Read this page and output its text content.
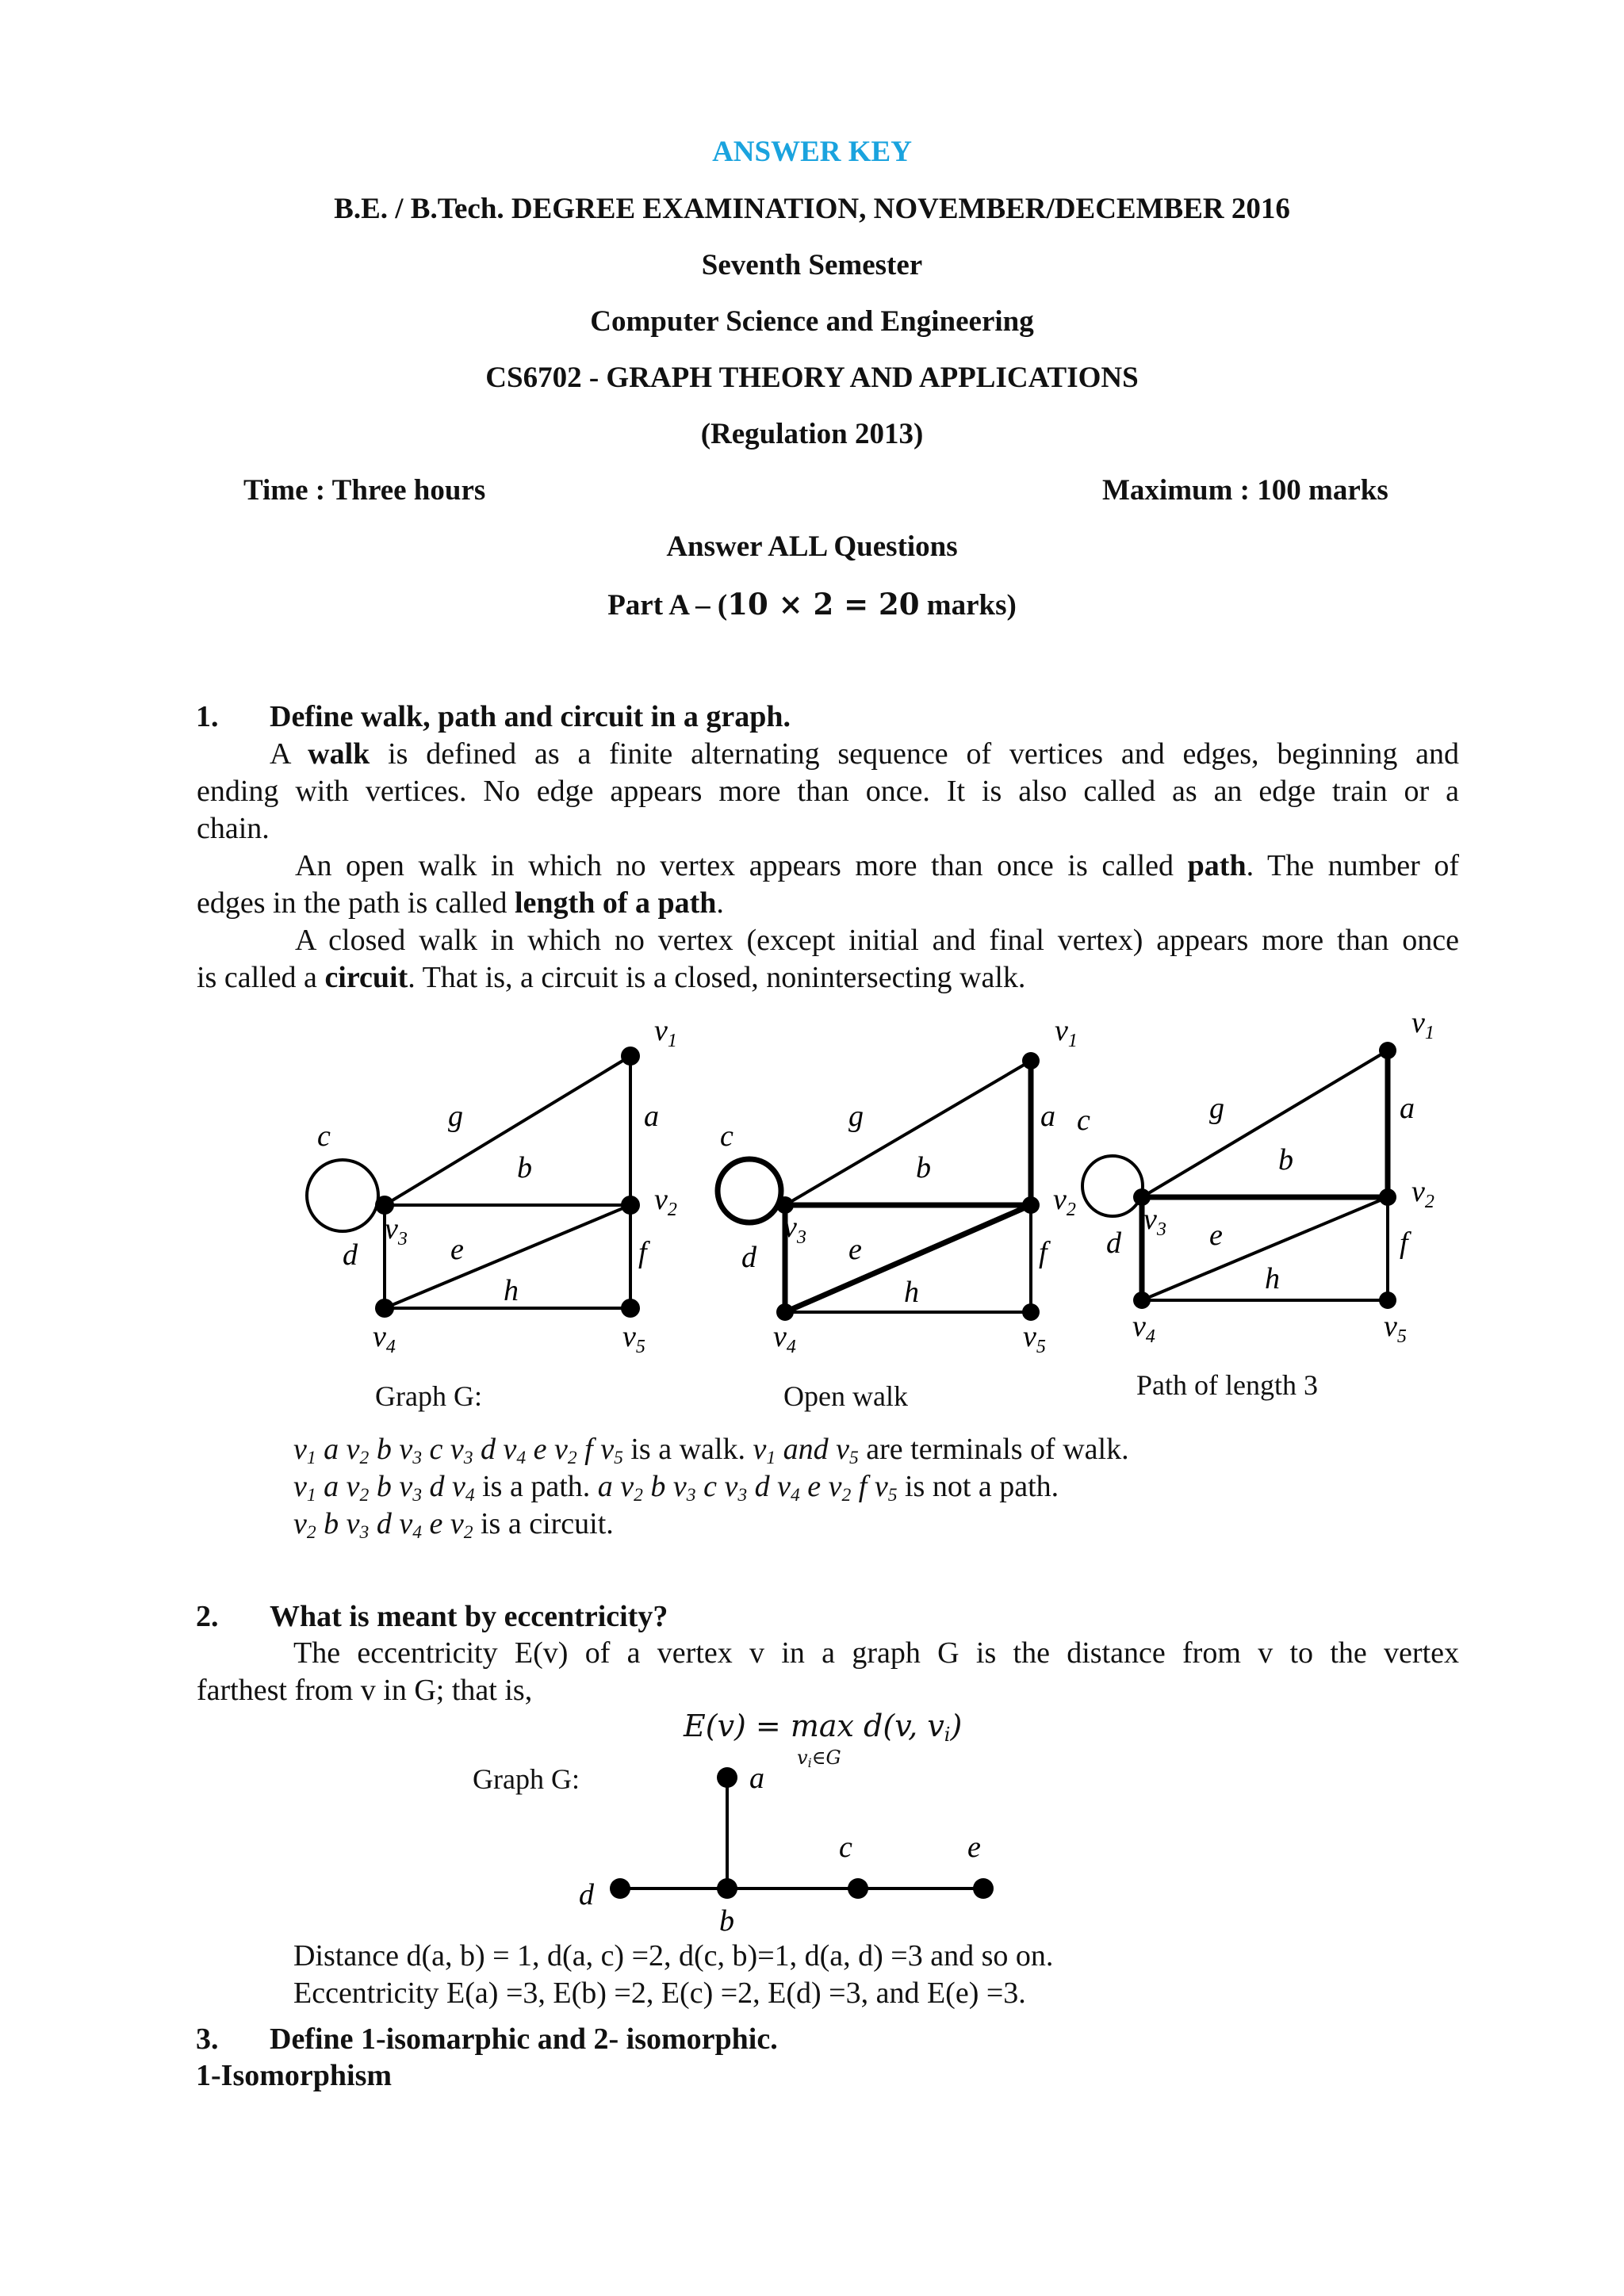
ANSWER KEY
B.E. / B.Tech. DEGREE EXAMINATION, NOVEMBER/DECEMBER 2016
Seventh Semester
Computer Science and Engineering
CS6702 - GRAPH THEORY AND APPLICATIONS
(Regulation 2013)
Time : Three hours	Maximum : 100 marks
Answer ALL Questions
Part A – (10 × 2 = 20 marks)
1. Define walk, path and circuit in a graph.
A walk is defined as a finite alternating sequence of vertices and edges, beginning and
ending with vertices. No edge appears more than once. It is also called as an edge train or a
chain.
An open walk in which no vertex appears more than once is called path. The number of
edges in the path is called length of a path.
A closed walk in which no vertex (except initial and final vertex) appears more than once
is called a circuit. That is, a circuit is a closed, nonintersecting walk.
$v_1$
a
g
c
b
$v_2$
$v_3$ e
d	f
h
$v_4$	$v_5$
$v_1$
a
g
c
b
$v_2$
$v_3$ e
d	f
h
$v_4$	$v_5$
$v_1$
a
g
c
b
$v_2$
$v_3$ e
d	f
h
$v_4$	$v_5$
Graph G:	Open walk	Path of length 3
$v_1$ a $v_2$ b $v_3$ c $v_3$ d $v_4$ e $v_2$ f $v_5$ is a walk. $v_1$ and $v_5$ are terminals of walk.
$v_1$ a $v_2$ b $v_3$ d $v_4$ is a path. a $v_2$ b $v_3$ c $v_3$ d $v_4$ e $v_2$ f $v_5$ is not a path.
$v_2$ b $v_3$ d $v_4$ e $v_2$ is a circuit.
2. What is meant by eccentricity?
The eccentricity E(v) of a vertex v in a graph G is the distance from v to the vertex
farthest from v in G; that is,
E(v) = max d(v, $v_i$)
$v_i\in G$
Graph G:	a
c	e
d
b
Distance d(a, b) = 1, d(a, c) =2, d(c, b)=1, d(a, d) =3 and so on.
Eccentricity E(a) =3, E(b) =2, E(c) =2, E(d) =3, and E(e) =3.
3. Define 1-isomarphic and 2- isomorphic.
1-Isomorphism
